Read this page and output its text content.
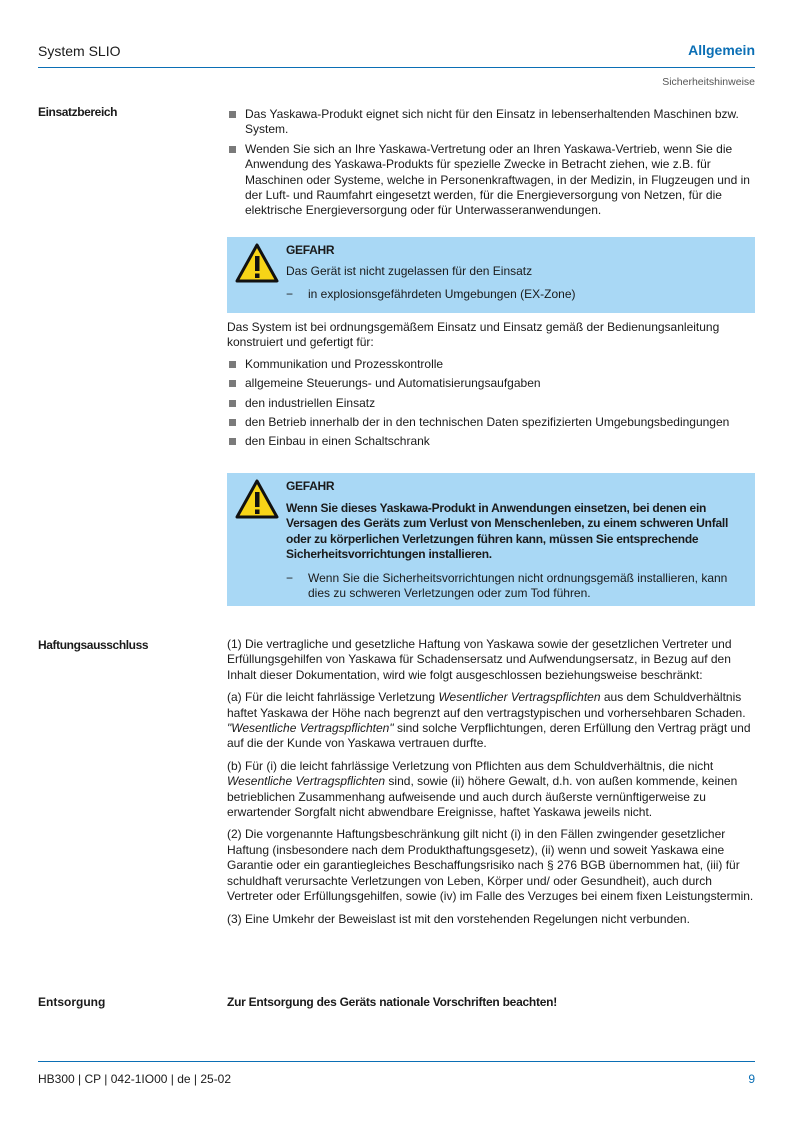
System SLIO	Allgemein
Sicherheitshinweise
Einsatzbereich	Das Yaskawa-Produkt eignet sich nicht für den Einsatz in lebenserhaltenden Maschinen bzw. System.
Wenden Sie sich an Ihre Yaskawa-Vertretung oder an Ihren Yaskawa-Vertrieb, wenn Sie die Anwendung des Yaskawa-Produkts für spezielle Zwecke in Betracht ziehen, wie z.B. für Maschinen oder Systeme, welche in Personenkraftwagen, in der Medizin, in Flugzeugen und in der Luft- und Raumfahrt eingesetzt werden, für die Energieversorgung von Netzen, für die elektrische Energieversorgung oder für Unterwasseranwendungen.
GEFAHR
Das Gerät ist nicht zugelassen für den Einsatz
− in explosionsgefährdeten Umgebungen (EX-Zone)
Das System ist bei ordnungsgemäßem Einsatz und Einsatz gemäß der Bedienungsanleitung konstruiert und gefertigt für:
Kommunikation und Prozesskontrolle
allgemeine Steuerungs- und Automatisierungsaufgaben
den industriellen Einsatz
den Betrieb innerhalb der in den technischen Daten spezifizierten Umgebungsbedingungen
den Einbau in einen Schaltschrank
GEFAHR
Wenn Sie dieses Yaskawa-Produkt in Anwendungen einsetzen, bei denen ein Versagen des Geräts zum Verlust von Menschenleben, zu einem schweren Unfall oder zu körperlichen Verletzungen führen kann, müssen Sie entsprechende Sicherheitsvorrichtungen installieren.
− Wenn Sie die Sicherheitsvorrichtungen nicht ordnungsgemäß installieren, kann dies zu schweren Verletzungen oder zum Tod führen.
Haftungsausschluss	(1) Die vertragliche und gesetzliche Haftung von Yaskawa sowie der gesetzlichen Vertreter und Erfüllungsgehilfen von Yaskawa für Schadensersatz und Aufwendungsersatz, in Bezug auf den Inhalt dieser Dokumentation, wird wie folgt ausgeschlossen beziehungsweise beschränkt:
(a) Für die leicht fahrlässige Verletzung Wesentlicher Vertragspflichten aus dem Schuldverhältnis haftet Yaskawa der Höhe nach begrenzt auf den vertragstypischen und vorhersehbaren Schaden. "Wesentliche Vertragspflichten" sind solche Verpflichtungen, deren Erfüllung den Vertrag prägt und auf die der Kunde von Yaskawa vertrauen durfte.
(b) Für (i) die leicht fahrlässige Verletzung von Pflichten aus dem Schuldverhältnis, die nicht Wesentliche Vertragspflichten sind, sowie (ii) höhere Gewalt, d.h. von außen kommende, keinen betrieblichen Zusammenhang aufweisende und auch durch äußerste vernünftigerweise zu erwartender Sorgfalt nicht abwendbare Ereignisse, haftet Yaskawa jeweils nicht.
(2) Die vorgenannte Haftungsbeschränkung gilt nicht (i) in den Fällen zwingender gesetzlicher Haftung (insbesondere nach dem Produkthaftungsgesetz), (ii) wenn und soweit Yaskawa eine Garantie oder ein garantiegleiches Beschaffungsrisiko nach § 276 BGB übernommen hat, (iii) für schuldhaft verursachte Verletzungen von Leben, Körper und/ oder Gesundheit), auch durch Vertreter oder Erfüllungsgehilfen, sowie (iv) im Falle des Verzuges bei einem fixen Leistungstermin.
(3) Eine Umkehr der Beweislast ist mit den vorstehenden Regelungen nicht verbunden.
Entsorgung	Zur Entsorgung des Geräts nationale Vorschriften beachten!
HB300 | CP | 042-1IO00 | de | 25-02	9
